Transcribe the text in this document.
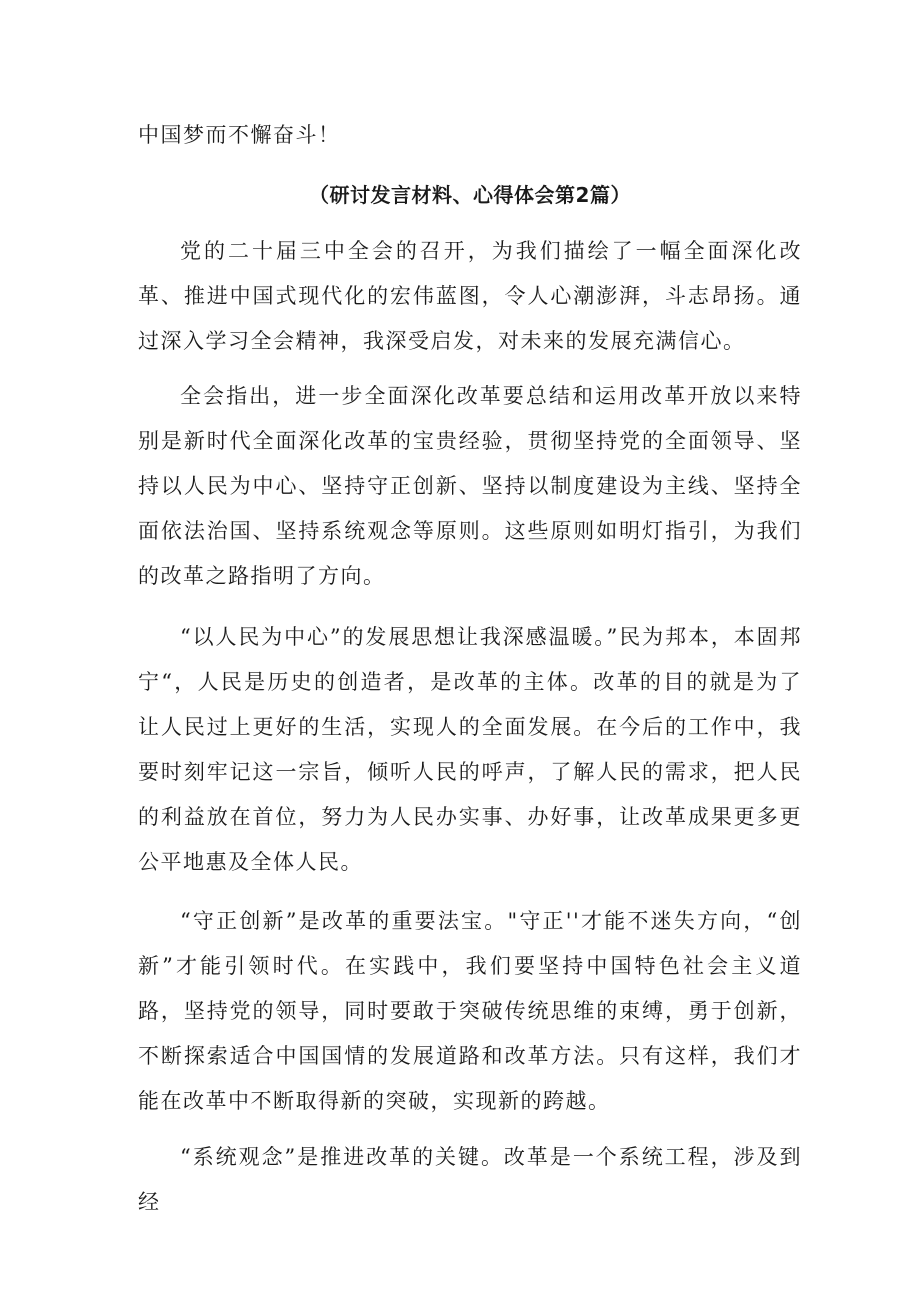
中国梦而不懈奋斗！
（研讨发言材料、心得体会第2篇）

党的二十届三中全会的召开，为我们描绘了一幅全面深化改革、推进中国式现代化的宏伟蓝图，令人心潮澎湃，斗志昂扬。通过深入学习全会精神，我深受启发，对未来的发展充满信心。

全会指出，进一步全面深化改革要总结和运用改革开放以来特别是新时代全面深化改革的宝贵经验，贯彻坚持党的全面领导、坚持以人民为中心、坚持守正创新、坚持以制度建设为主线、坚持全面依法治国、坚持系统观念等原则。这些原则如明灯指引，为我们的改革之路指明了方向。

“以人民为中心”的发展思想让我深感温暖。”民为邦本，本固邦宁“，人民是历史的创造者，是改革的主体。改革的目的就是为了让人民过上更好的生活，实现人的全面发展。在今后的工作中，我要时刻牢记这一宗旨，倾听人民的呼声，了解人民的需求，把人民的利益放在首位，努力为人民办实事、办好事，让改革成果更多更公平地惠及全体人民。

“守正创新”是改革的重要法宝。"守正''才能不迷失方向，“创新”才能引领时代。在实践中，我们要坚持中国特色社会主义道路，坚持党的领导，同时要敢于突破传统思维的束缚，勇于创新，不断探索适合中国国情的发展道路和改革方法。只有这样，我们才能在改革中不断取得新的突破，实现新的跨越。

“系统观念”是推进改革的关键。改革是一个系统工程，涉及到经
